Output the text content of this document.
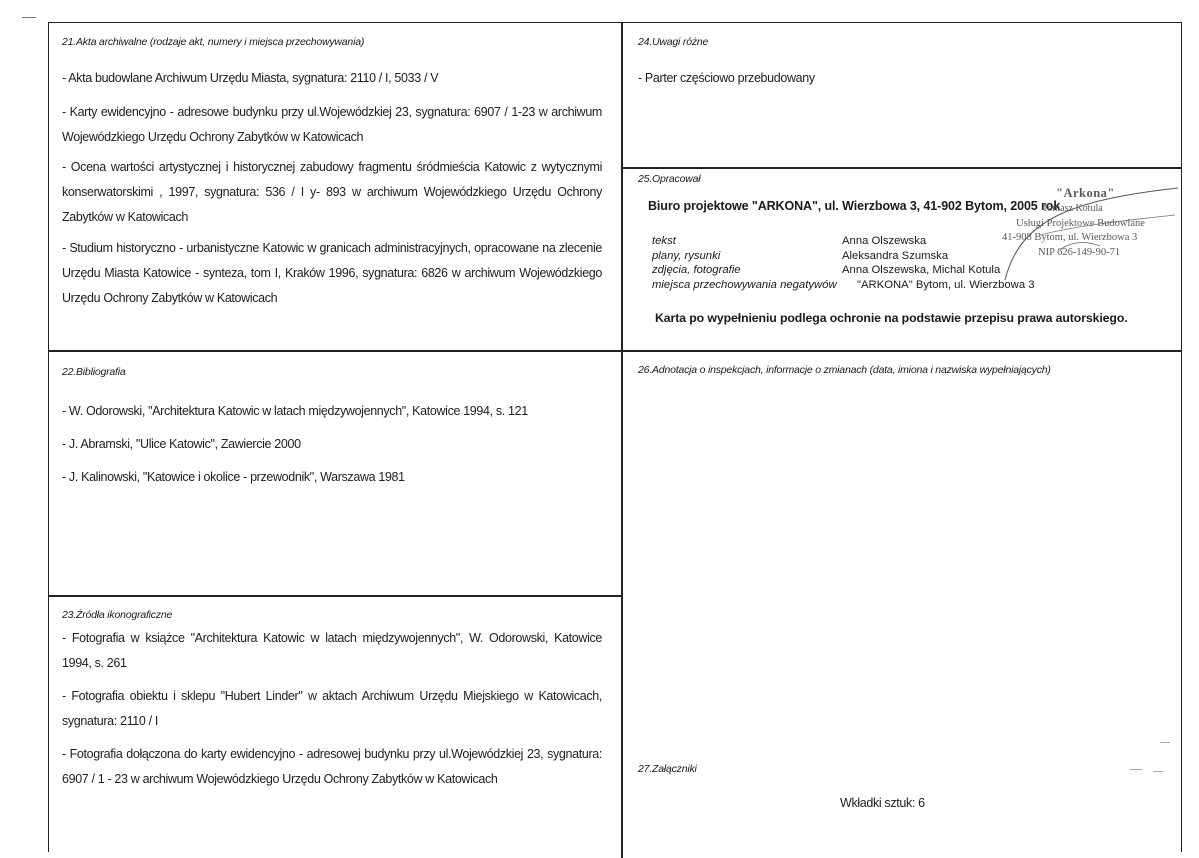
21.Akta archiwalne (rodzaje akt, numery i miejsca przechowywania)
- Akta budowlane Archiwum Urzędu Miasta, sygnatura: 2110 / I, 5033 / V
- Karty ewidencyjno - adresowe budynku przy ul.Wojewódzkiej 23, sygnatura: 6907 / 1-23 w archiwum Wojewódzkiego Urzędu Ochrony Zabytków w Katowicach
- Ocena wartości artystycznej i historycznej zabudowy fragmentu śródmieścia Katowic z wytycznymi konserwatorskimi , 1997, sygnatura: 536 / I y- 893 w archiwum Wojewódzkiego Urzędu Ochrony Zabytków w Katowicach
- Studium historyczno - urbanistyczne Katowic w granicach administracyjnych, opracowane na zlecenie Urzędu Miasta Katowice - synteza, tom I, Kraków 1996, sygnatura: 6826 w archiwum Wojewódzkiego Urzędu Ochrony Zabytków w Katowicach
22.Bibliografia
- W. Odorowski, "Architektura Katowic w latach międzywojennych", Katowice 1994, s. 121
- J. Abramski, "Ulice Katowic", Zawiercie 2000
- J. Kalinowski, "Katowice i okolice - przewodnik", Warszawa 1981
23.Źródła ikonograficzne
- Fotografia w książce "Architektura Katowic w latach międzywojennych", W. Odorowski, Katowice 1994, s. 261
- Fotografia obiektu i sklepu "Hubert Linder" w aktach Archiwum Urzędu Miejskiego w Katowicach, sygnatura: 2110 / I
- Fotografia dołączona do karty ewidencyjno - adresowej budynku przy ul.Wojewódzkiej 23, sygnatura: 6907 / 1 - 23 w archiwum Wojewódzkiego Urzędu Ochrony Zabytków w Katowicach
24.Uwagi różne
- Parter częściowo przebudowany
25.Opracował
Biuro projektowe "ARKONA", ul. Wierzbowa 3, 41-902 Bytom, 2005 rok
tekst	Anna Olszewska
plany, rysunki	Aleksandra Szumska
zdjęcia, fotografie	Anna Olszewska, Michal Kotula
miejsca przechowywania negatywów	"ARKONA" Bytom, ul. Wierzbowa 3
Karta po wypełnieniu podlega ochronie na podstawie przepisu prawa autorskiego.
"Arkona"
Tomasz Kotula
Usługi Projektowe Budowlane
41-908 Bytom, ul. Wierzbowa 3
NIP 626-149-90-71
26.Adnotacja o inspekcjach, informacje o zmianach (data, imiona i nazwiska wypełniających)
27.Załączniki
Wkładki sztuk: 6
